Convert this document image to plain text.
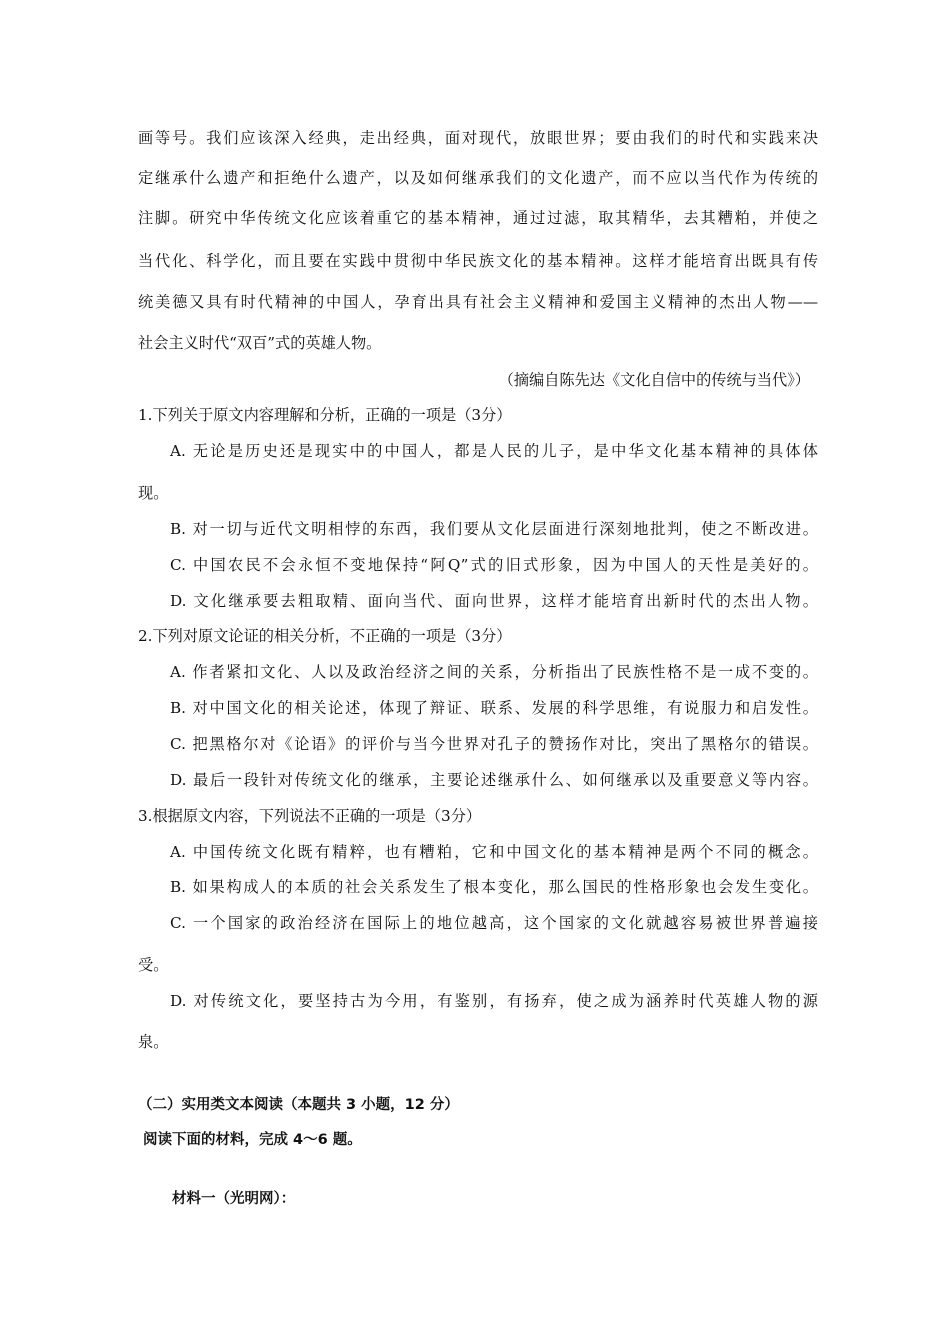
画等号。我们应该深入经典，走出经典，面对现代，放眼世界；要由我们的时代和实践来决
定继承什么遗产和拒绝什么遗产，以及如何继承我们的文化遗产，而不应以当代作为传统的
注脚。研究中华传统文化应该着重它的基本精神，通过过滤，取其精华，去其糟粕，并使之
当代化、科学化，而且要在实践中贯彻中华民族文化的基本精神。这样才能培育出既具有传
统美德又具有时代精神的中国人，孕育出具有社会主义精神和爱国主义精神的杰出人物——
社会主义时代“双百”式的英雄人物。
（摘编自陈先达《文化自信中的传统与当代》）
1.下列关于原文内容理解和分析，正确的一项是（3分）
A. 无论是历史还是现实中的中国人，都是人民的儿子，是中华文化基本精神的具体体
现。
B. 对一切与近代文明相悖的东西，我们要从文化层面进行深刻地批判，使之不断改进。
C. 中国农民不会永恒不变地保持“阿Q”式的旧式形象，因为中国人的天性是美好的。
D. 文化继承要去粗取精、面向当代、面向世界，这样才能培育出新时代的杰出人物。
2.下列对原文论证的相关分析，不正确的一项是（3分）
A. 作者紧扣文化、人以及政治经济之间的关系，分析指出了民族性格不是一成不变的。
B. 对中国文化的相关论述，体现了辩证、联系、发展的科学思维，有说服力和启发性。
C. 把黑格尔对《论语》的评价与当今世界对孔子的赞扬作对比，突出了黑格尔的错误。
D. 最后一段针对传统文化的继承，主要论述继承什么、如何继承以及重要意义等内容。
3.根据原文内容，下列说法不正确的一项是（3分）
A. 中国传统文化既有精粹，也有糟粕，它和中国文化的基本精神是两个不同的概念。
B. 如果构成人的本质的社会关系发生了根本变化，那么国民的性格形象也会发生变化。
C. 一个国家的政治经济在国际上的地位越高，这个国家的文化就越容易被世界普遍接
受。
D. 对传统文化，要坚持古为今用，有鉴别，有扬弃，使之成为涵养时代英雄人物的源
泉。
（二）实用类文本阅读（本题共 3 小题，12 分）
阅读下面的材料，完成 4～6 题。
材料一（光明网）：
